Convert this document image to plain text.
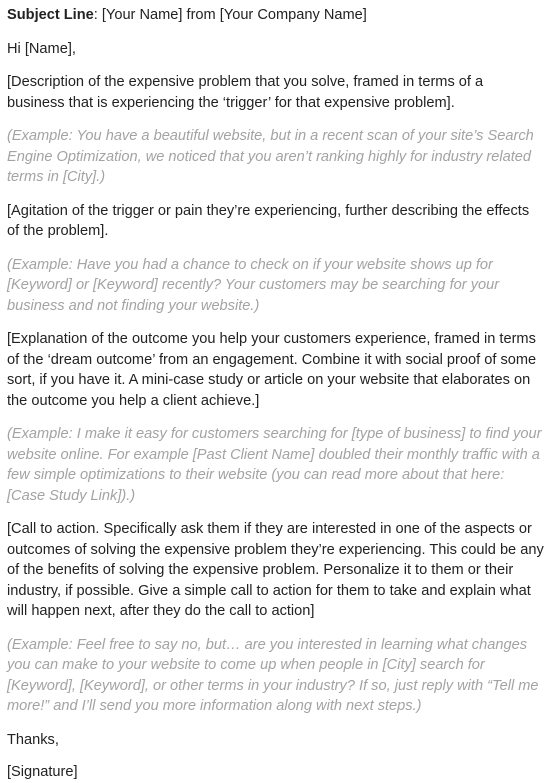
Subject Line: [Your Name] from [Your Company Name]

Hi [Name],

[Description of the expensive problem that you solve, framed in terms of a business that is experiencing the ‘trigger’ for that expensive problem].

(Example: You have a beautiful website, but in a recent scan of your site’s Search Engine Optimization, we noticed that you aren’t ranking highly for industry related terms in [City].)

[Agitation of the trigger or pain they’re experiencing, further describing the effects of the problem].

(Example: Have you had a chance to check on if your website shows up for [Keyword] or [Keyword] recently? Your customers may be searching for your business and not finding your website.)

[Explanation of the outcome you help your customers experience, framed in terms of the ‘dream outcome’ from an engagement. Combine it with social proof of some sort, if you have it. A mini-case study or article on your website that elaborates on the outcome you help a client achieve.]

(Example: I make it easy for customers searching for [type of business] to find your website online. For example [Past Client Name] doubled their monthly traffic with a few simple optimizations to their website (you can read more about that here: [Case Study Link]).)

[Call to action. Specifically ask them if they are interested in one of the aspects or outcomes of solving the expensive problem they’re experiencing. This could be any of the benefits of solving the expensive problem. Personalize it to them or their industry, if possible. Give a simple call to action for them to take and explain what will happen next, after they do the call to action]

(Example: Feel free to say no, but… are you interested in learning what changes you can make to your website to come up when people in [City] search for [Keyword], [Keyword], or other terms in your industry? If so, just reply with “Tell me more!” and I’ll send you more information along with next steps.)

Thanks,

[Signature]
